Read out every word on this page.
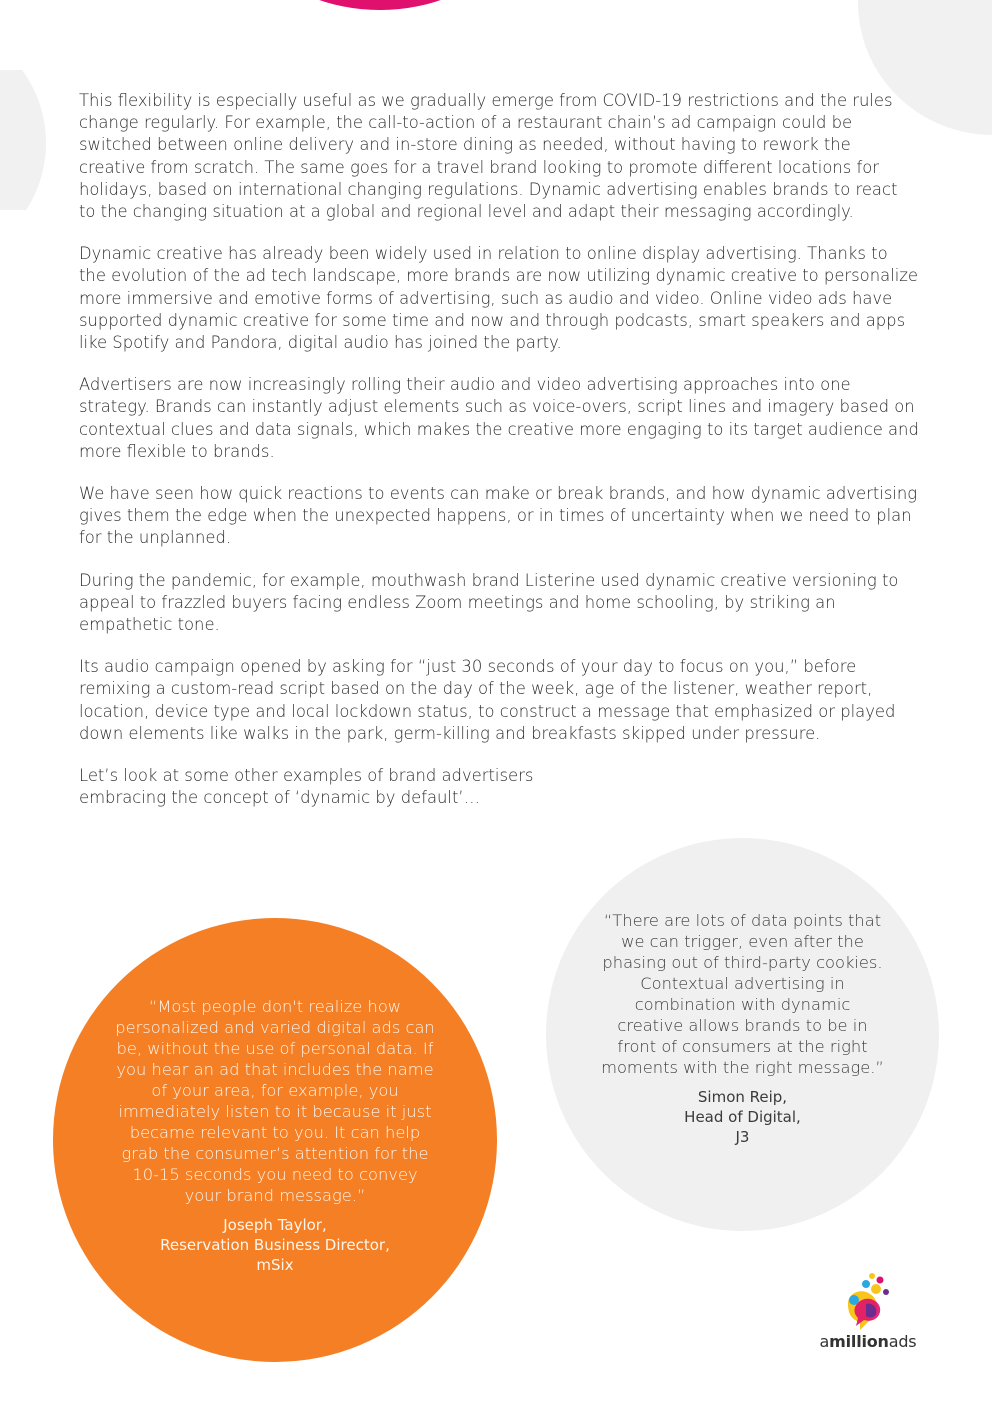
This flexibility is especially useful as we gradually emerge from COVID-19 restrictions and the rules change regularly. For example, the call-to-action of a restaurant chain’s ad campaign could be switched between online delivery and in-store dining as needed, without having to rework the creative from scratch. The same goes for a travel brand looking to promote different locations for holidays, based on international changing regulations. Dynamic advertising enables brands to react to the changing situation at a global and regional level and adapt their messaging accordingly.

Dynamic creative has already been widely used in relation to online display advertising. Thanks to the evolution of the ad tech landscape, more brands are now utilizing dynamic creative to personalize more immersive and emotive forms of advertising, such as audio and video. Online video ads have supported dynamic creative for some time and now and through podcasts, smart speakers and apps like Spotify and Pandora, digital audio has joined the party.

Advertisers are now increasingly rolling their audio and video advertising approaches into one strategy. Brands can instantly adjust elements such as voice-overs, script lines and imagery based on contextual clues and data signals, which makes the creative more engaging to its target audience and more flexible to brands.

We have seen how quick reactions to events can make or break brands, and how dynamic advertising gives them the edge when the unexpected happens, or in times of uncertainty when we need to plan for the unplanned.

During the pandemic, for example, mouthwash brand Listerine used dynamic creative versioning to appeal to frazzled buyers facing endless Zoom meetings and home schooling, by striking an empathetic tone.

Its audio campaign opened by asking for “just 30 seconds of your day to focus on you,” before remixing a custom-read script based on the day of the week, age of the listener, weather report, location, device type and local lockdown status, to construct a message that emphasized or played down elements like walks in the park, germ-killing and breakfasts skipped under pressure.

Let’s look at some other examples of brand advertisers embracing the concept of ‘dynamic by default’…

“Most people don't realize how personalized and varied digital ads can be, without the use of personal data. If you hear an ad that includes the name of your area, for example, you immediately listen to it because it just became relevant to you. It can help grab the consumer’s attention for the 10-15 seconds you need to convey your brand message.”

Joseph Taylor,
Reservation Business Director,
mSix

“There are lots of data points that we can trigger, even after the phasing out of third-party cookies. Contextual advertising in combination with dynamic creative allows brands to be in front of consumers at the right moments with the right message.”

Simon Reip,
Head of Digital,
J3
amillionads
